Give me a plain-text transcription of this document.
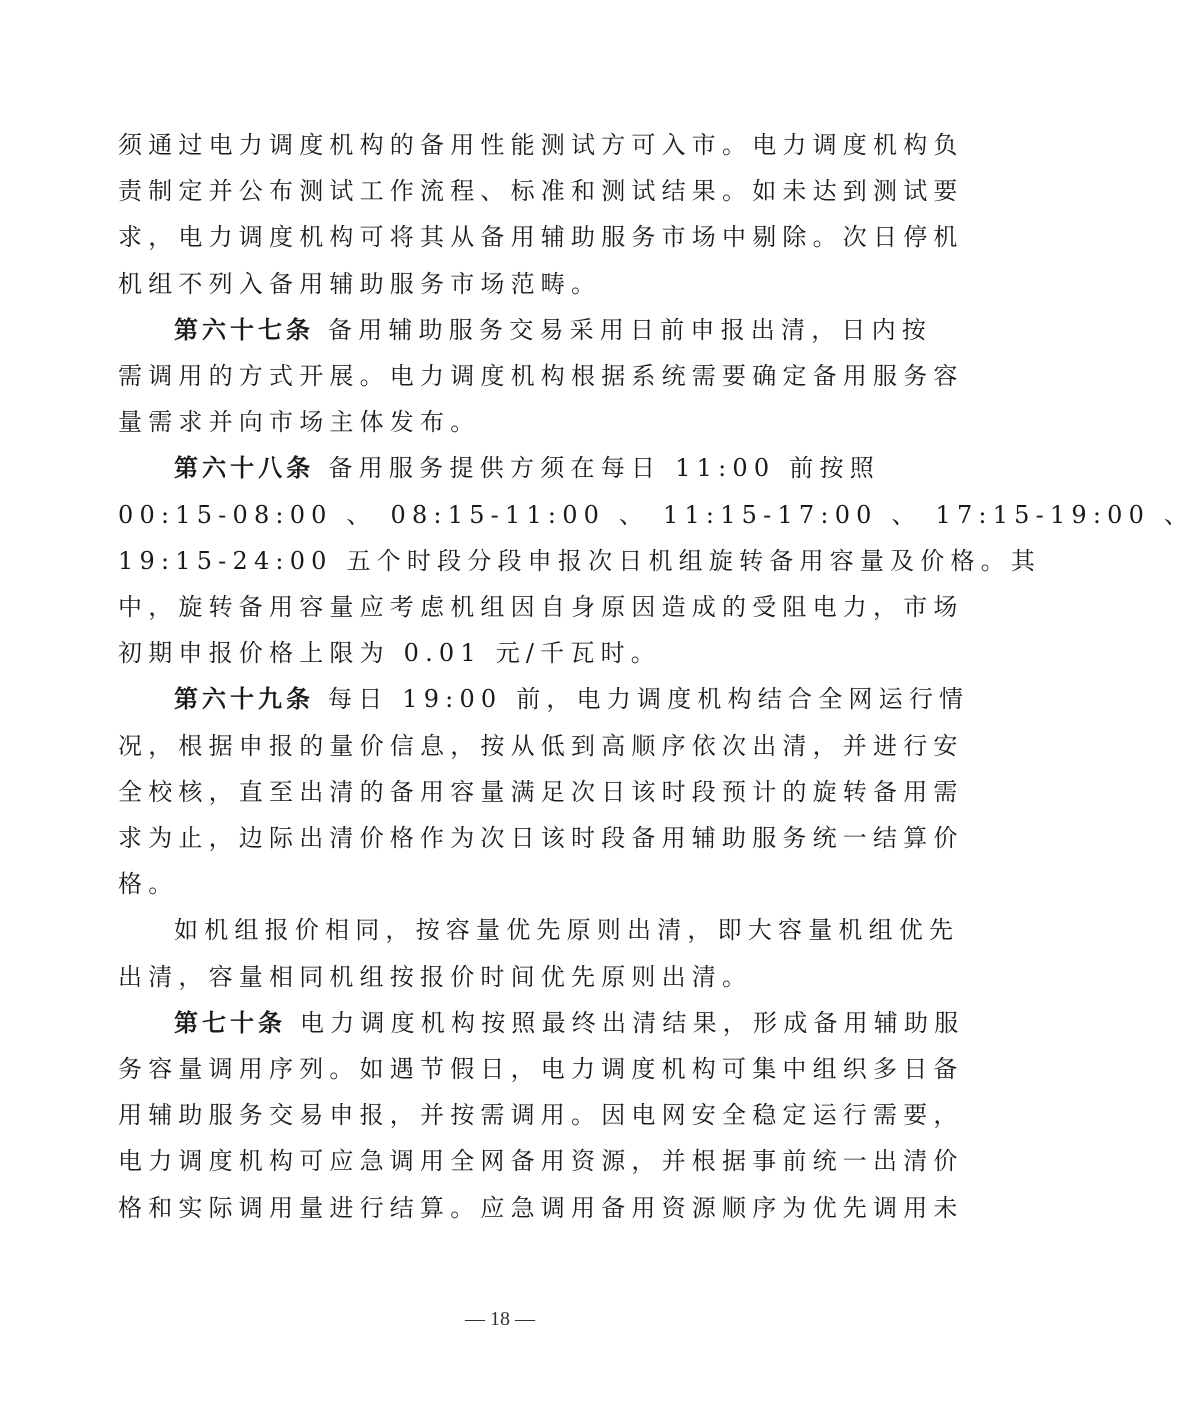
须通过电力调度机构的备用性能测试方可入市。电力调度机构负
责制定并公布测试工作流程、标准和测试结果。如未达到测试要
求，电力调度机构可将其从备用辅助服务市场中剔除。次日停机
机组不列入备用辅助服务市场范畴。
第六十七条 备用辅助服务交易采用日前申报出清，日内按
需调用的方式开展。电力调度机构根据系统需要确定备用服务容
量需求并向市场主体发布。
第六十八条 备用服务提供方须在每日 11:00 前按照
00:15-08:00 、 08:15-11:00 、 11:15-17:00 、 17:15-19:00 、
19:15-24:00 五个时段分段申报次日机组旋转备用容量及价格。其
中，旋转备用容量应考虑机组因自身原因造成的受阻电力，市场
初期申报价格上限为 0.01 元/千瓦时。
第六十九条 每日 19:00 前，电力调度机构结合全网运行情
况，根据申报的量价信息，按从低到高顺序依次出清，并进行安
全校核，直至出清的备用容量满足次日该时段预计的旋转备用需
求为止，边际出清价格作为次日该时段备用辅助服务统一结算价
格。
如机组报价相同，按容量优先原则出清，即大容量机组优先
出清，容量相同机组按报价时间优先原则出清。
第七十条 电力调度机构按照最终出清结果，形成备用辅助服
务容量调用序列。如遇节假日，电力调度机构可集中组织多日备
用辅助服务交易申报，并按需调用。因电网安全稳定运行需要，
电力调度机构可应急调用全网备用资源，并根据事前统一出清价
格和实际调用量进行结算。应急调用备用资源顺序为优先调用未
— 18 —
